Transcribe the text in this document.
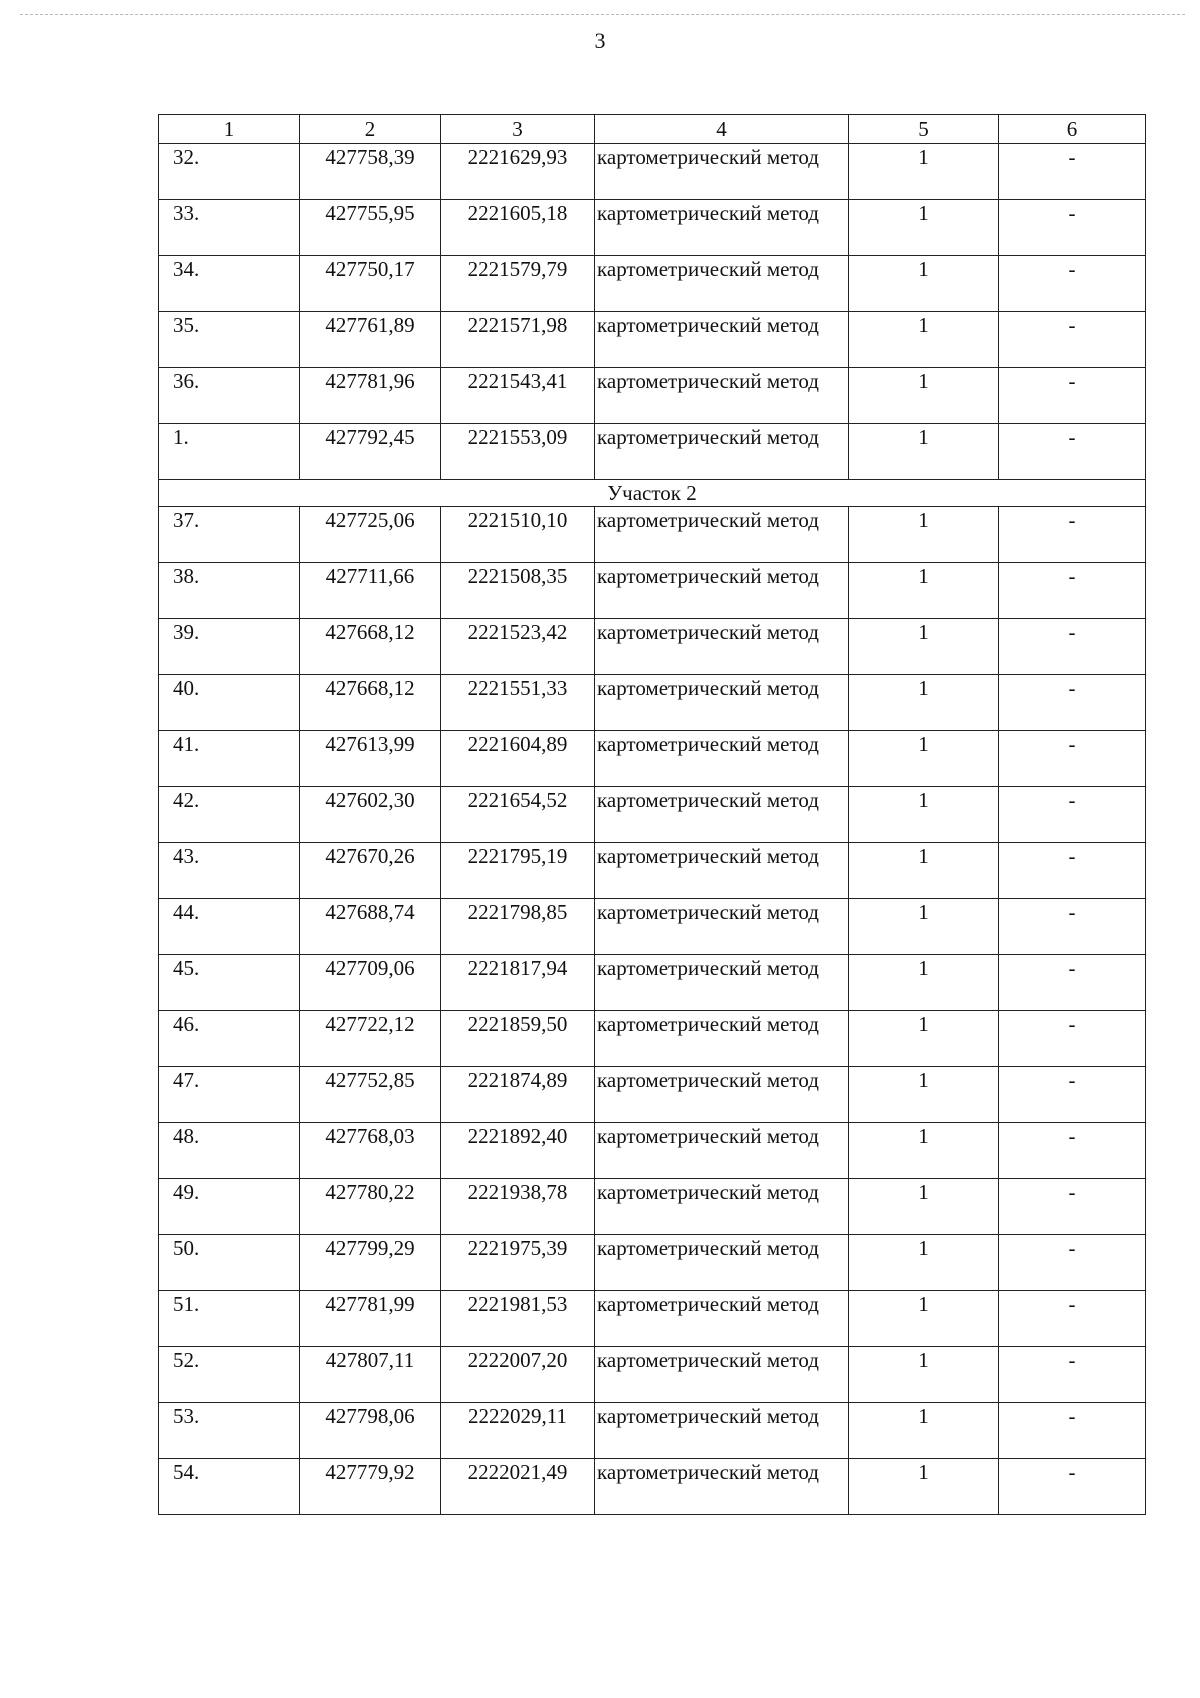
3
1	2	3	4	5	6
32.	427758,39	2221629,93	картометрический метод	1	-
33.	427755,95	2221605,18	картометрический метод	1	-
34.	427750,17	2221579,79	картометрический метод	1	-
35.	427761,89	2221571,98	картометрический метод	1	-
36.	427781,96	2221543,41	картометрический метод	1	-
1.	427792,45	2221553,09	картометрический метод	1	-
Участок 2					
37.	427725,06	2221510,10	картометрический метод	1	-
38.	427711,66	2221508,35	картометрический метод	1	-
39.	427668,12	2221523,42	картометрический метод	1	-
40.	427668,12	2221551,33	картометрический метод	1	-
41.	427613,99	2221604,89	картометрический метод	1	-
42.	427602,30	2221654,52	картометрический метод	1	-
43.	427670,26	2221795,19	картометрический метод	1	-
44.	427688,74	2221798,85	картометрический метод	1	-
45.	427709,06	2221817,94	картометрический метод	1	-
46.	427722,12	2221859,50	картометрический метод	1	-
47.	427752,85	2221874,89	картометрический метод	1	-
48.	427768,03	2221892,40	картометрический метод	1	-
49.	427780,22	2221938,78	картометрический метод	1	-
50.	427799,29	2221975,39	картометрический метод	1	-
51.	427781,99	2221981,53	картометрический метод	1	-
52.	427807,11	2222007,20	картометрический метод	1	-
53.	427798,06	2222029,11	картометрический метод	1	-
54.	427779,92	2222021,49	картометрический метод	1	-
